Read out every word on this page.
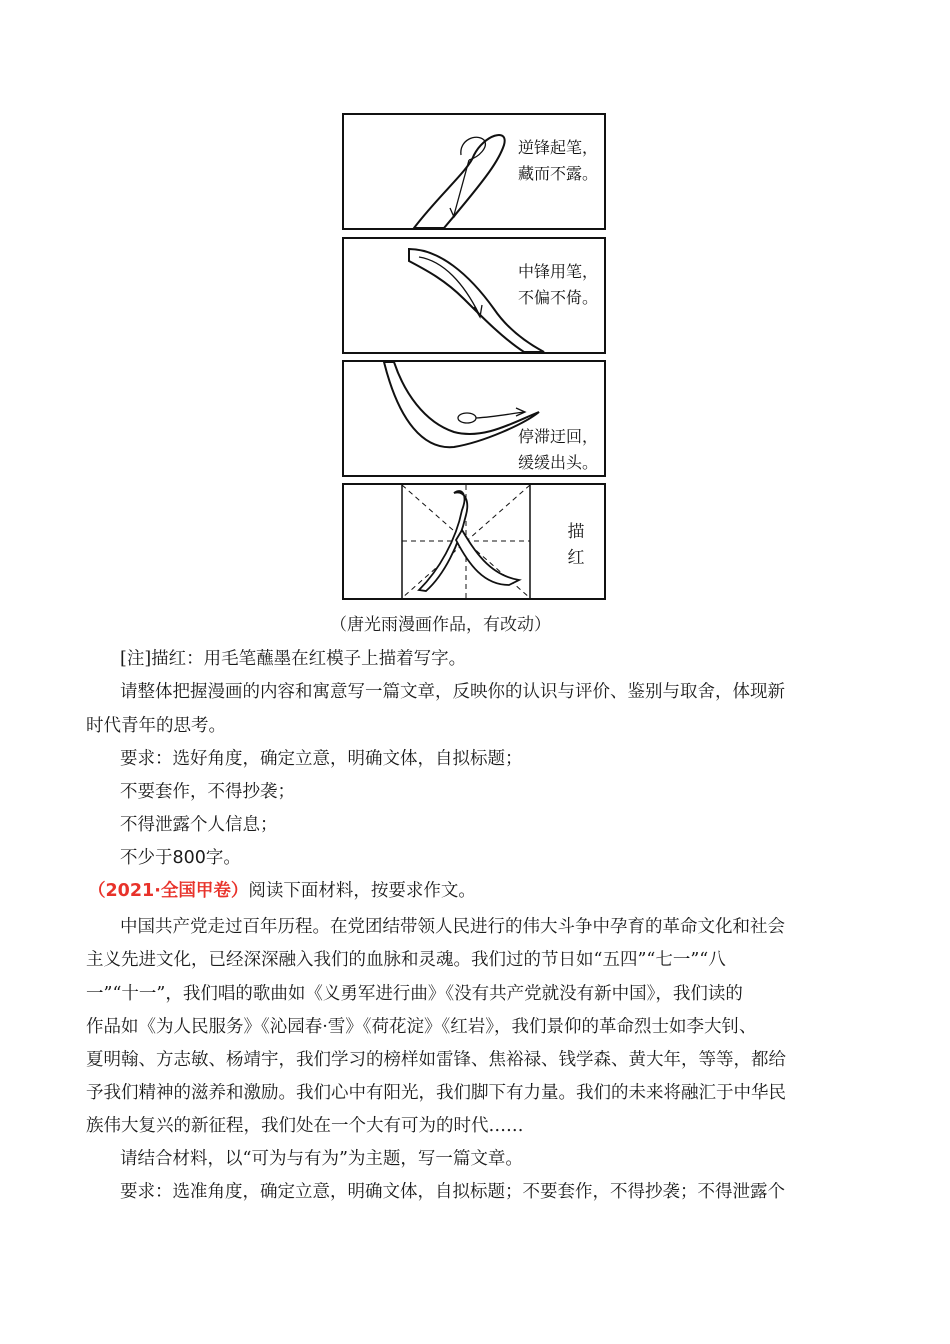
逆锋起笔，
藏而不露。
中锋用笔，
不偏不倚。
停滞迂回，
缓缓出头。
描红
（唐光雨漫画作品，有改动）
[注]描红：用毛笔蘸墨在红模子上描着写字。
请整体把握漫画的内容和寓意写一篇文章，反映你的认识与评价、鉴别与取舍，体现新
时代青年的思考。
要求：选好角度，确定立意，明确文体，自拟标题；
不要套作，不得抄袭；
不得泄露个人信息；
不少于800字。
（2021·全国甲卷）阅读下面材料，按要求作文。
中国共产党走过百年历程。在党团结带领人民进行的伟大斗争中孕育的革命文化和社会
主义先进文化，已经深深融入我们的血脉和灵魂。我们过的节日如“五四”“七一”“八
一”“十一”，我们唱的歌曲如《义勇军进行曲》《没有共产党就没有新中国》，我们读的
作品如《为人民服务》《沁园春·雪》《荷花淀》《红岩》，我们景仰的革命烈士如李大钊、
夏明翰、方志敏、杨靖宇，我们学习的榜样如雷锋、焦裕禄、钱学森、黄大年，等等，都给
予我们精神的滋养和激励。我们心中有阳光，我们脚下有力量。我们的未来将融汇于中华民
族伟大复兴的新征程，我们处在一个大有可为的时代……
请结合材料，以“可为与有为”为主题，写一篇文章。
要求：选准角度，确定立意，明确文体，自拟标题；不要套作，不得抄袭；不得泄露个
